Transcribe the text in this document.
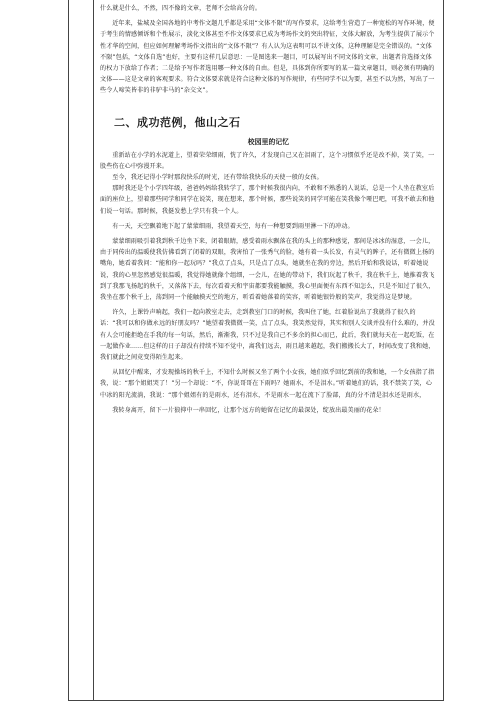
什么就是什么，不然，四不像的文章，老师不会给高分的。

近年来，盐城及全国各地的中考作文题几乎都是采用“文体不限”的写作要求，这给考生营造了一种宽松的写作环境，便于考生的情感倾诉和个性展示，淡化文体甚至不作文体要求已成为考场作文的突出特征，文体大解放，为考生提供了展示个性才华的空间，但应如何理解考场作文指出的“文体不限”？有人认为这表明可以不讲文体，这种理解是完全错误的。“文体不限”包括，“文体自选”也好，主要有这样几层意思：一是图选来一题目，可以展写出不同文体的文章，出题者肯选择文体的权力下放给了作者；二是给予写作者选用哪一种文体的自由。但是，具体到你所要写的某一篇文章题目，则必须有明确的文体——这是文章的客观要求。符合文体要求就是符合这种文体的写作规律，有些同学不以为要，甚至不以为然，写出了一些令人啼笑皆非的非驴非马的“杂交文”。

二、成功范例，他山之石
校园里的记忆

重新站在小学的水泥道上，望着荣荣细雨，恍了许久，才发现自己又在泪雨了，这个习惯似乎还是改不掉，笑了笑，一股些伤在心中弥漫开来。

至今，我还记得小学时那段快乐的时光，还有带给我快乐的天使一般的女孩。

那时我还是个小学四年级，爸爸妈妈给我转学了，那个时候我很内向，不敢和不熟悉的人说话，总是一个人坐在教室后面的座位上，望着那些同学和同学在说笑，现在想来，那个时候，那些说笑的同学可能在笑我像个哑巴吧，可我不敢去和他们说一句话。那时候，我挺发愁上学只有我一个人。

有一天，天空飘着地下起了蒙蒙细雨，我望着天空，每有一种想要到雨里淋一下的冲动。

蒙蒙细雨吸引着我到秋千边坐下来，闭着眼睛，感受着雨水飘落在我的头上的那种感觉，那间是冰冰的湿意，一会儿，由于同传出的温暖使我仿佛看到了闭着的双眼，我害怕了一张秀气的脸，她有着一头长发，有灵气的眸子，还有微微上扬的嘴角，她看着我问：“能和你一起玩吗？”我点了点头，只是点了点头，她就坐在我的旁边，然后开始和我说话，听着她说说，我的心里忽然感觉很温暖，我觉得她就像个组细，一会儿，在她的带动下，我们玩起了秋千，我在秋千上，她推着我飞到了我那飞扬起的秋千，又落落下去，每次看着天和宇宙都要我能触摸，我心里面便有东西不知怎么，只是不知过了很久，我坐在那个秋千上，荡到同一个能触摸天空的地方，听看着她落着的笑容，听着她银铃般的笑声，我觉得这是梦境。

许久，上课铃声响起，我们一起向教室走去，走到教室门口的时候，我叫住了她，红着脸说出了我就得了很久的话：“我可以和你做永远的好朋友吗？”她望着我微微一笑，点了点头，我笑然觉得，其实和别人交谈并没有什么难的，并没有人会可能拒绝在手我的每一句话，然后，渐渐我，只不过是我自己不多余的担心而已，此后，我们就每天在一起吃饭，在一起做作业……但这样的日子却没有持续不知不觉中，离我们远去，雨且越来越起，我们搬搬长大了，时间改变了我和她，我们就此之间竟变得陌生起来。

从回忆中醒来，才发现操场的秋千上，不知什么时候又坐了两个小女孩，她们似乎回忆到前的我和她，一个女孩指了指我，说：“那个姐姐哭了！”另一个却说：“不，你说哥哥在下雨吗？她雨水，不是泪水。”听着她们的话，我不禁笑了笑，心中冰的阳光流淌，我说：“那个姐姐有的是雨水，还有泪水，不是雨水一起在流下了脸部，真的分不清是泪水还是雨水，

我转身离开，留下一片狼抑中一串回忆，让那个远方的她留在记忆的最深处，绽放出最美丽的花朵！
